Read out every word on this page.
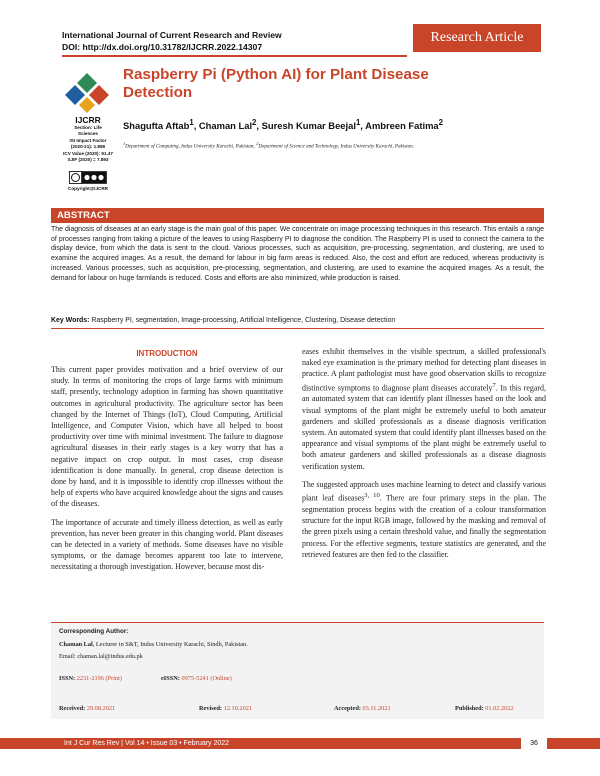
International Journal of Current Research and Review
DOI: http://dx.doi.org/10.31782/IJCRR.2022.14307
Research Article
IJCRR
Section: Life
Sciences
ISI Impact Factor
(2020-21): 1.899
ICV Value (2020): 91.47
SJIF (2020) = 7.893
Copyright@IJCRR
Raspberry Pi (Python AI) for Plant Disease Detection
Shagufta Aftab$^1$, Chaman Lal$^2$, Suresh Kumar Beejal$^1$, Ambreen Fatima$^2$
$^1$Department of Computing, Indus University Karachi, Pakistan; $^2$Department of Science and Technology, Indus University Karachi, Pakistan.
ABSTRACT
The diagnosis of diseases at an early stage is the main goal of this paper. We concentrate on image processing techniques in this research. This entails a range of processes ranging from taking a picture of the leaves to using Raspberry PI to diagnose the condition. The Raspberry PI is used to connect the camera to the display device, from which the data is sent to the cloud. Various processes, such as acquisition, pre-processing, segmentation, and clustering, are used to examine the acquired images. As a result, the demand for labour in big farm areas is reduced. Also, the cost and effort are reduced, whereas productivity is increased. Various processes, such as acquisition, pre-processing, segmentation, and clustering, are used to examine the acquired images. As a result, the demand for labour on huge farmlands is reduced. Costs and efforts are also minimized, while production is raised.
Key Words: Raspberry PI, segmentation, Image-processing, Artificial Intelligence, Clustering, Disease detection
INTRODUCTION

This current paper provides motivation and a brief overview of our study. In terms of monitoring the crops of large farms with minimum staff, presently, technology adoption in farming has shown quantitative outcomes in agricultural productivity. The agriculture sector has been changed by the Internet of Things (IoT), Cloud Computing, Artificial Intelligence, and Computer Vision, which have all helped to boost productivity over time with minimal investment. The failure to diagnose agricultural diseases in their early stages is a key worry that has a negative impact on crop output. In most cases, crop disease identification is done manually. In general, crop disease detection is done by hand, and it is impossible to identify crop illnesses without the help of experts who have acquired knowledge about the signs and causes of the diseases.

The importance of accurate and timely illness detection, as well as early prevention, has never been greater in this changing world. Plant diseases can be detected in a variety of methods. Some diseases have no visible symptoms, or the damage becomes apparent too late to intervene, necessitating a thorough investigation. However, because most dis-

eases exhibit themselves in the visible spectrum, a skilled professional's naked eye examination is the primary method for detecting plant diseases in practice. A plant pathologist must have good observation skills to recognize distinctive symptoms to diagnose plant diseases accurately$^7$. In this regard, an automated system that can identify plant illnesses based on the look and visual symptoms of the plant might be extremely useful to both amateur gardeners and skilled professionals as a disease diagnosis verification system. An automated system that could identify plant illnesses based on the appearance and visual symptoms of the plant might be extremely useful to both amateur gardeners and skilled professionals as a disease diagnosis verification system.

The suggested approach uses machine learning to detect and classify various plant leaf diseases$^{3, 10}$. There are four primary steps in the plan. The segmentation process begins with the creation of a colour transformation structure for the input RGB image, followed by the masking and removal of the green pixels using a certain threshold value, and finally the segmentation process. For the effective segments, texture statistics are generated, and the retrieved features are then fed to the classifier.

Corresponding Author:
Chaman Lal, Lecturer in S&T, Indus University Karachi, Sindh, Pakistan.
Email: chaman.lal@indus.edu.pk
ISSN: 2231-2196 (Print)	eISSN: 0975-5241 (Online)
Received: 29.08.2021	Revised: 12.10.2021	Accepted: 03.11.2021	Published: 01.02.2022
Int J Cur Res Rev | Vol 14 • Issue 03 • February 2022	36
